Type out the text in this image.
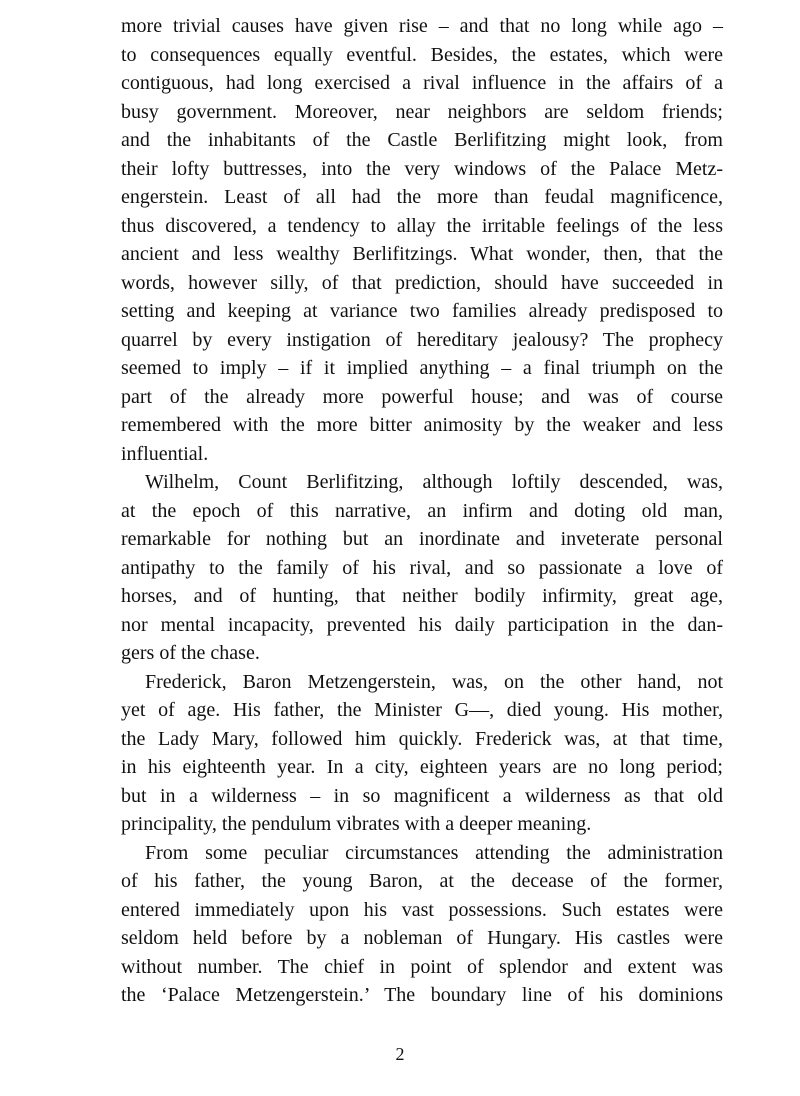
more trivial causes have given rise – and that no long while ago –
to consequences equally eventful. Besides, the estates, which were
contiguous, had long exercised a rival influence in the affairs of a
busy government. Moreover, near neighbors are seldom friends;
and the inhabitants of the Castle Berlifitzing might look, from
their lofty buttresses, into the very windows of the Palace Metz-
engerstein. Least of all had the more than feudal magnificence,
thus discovered, a tendency to allay the irritable feelings of the less
ancient and less wealthy Berlifitzings. What wonder, then, that the
words, however silly, of that prediction, should have succeeded in
setting and keeping at variance two families already predisposed to
quarrel by every instigation of hereditary jealousy? The prophecy
seemed to imply – if it implied anything – a final triumph on the
part of the already more powerful house; and was of course
remembered with the more bitter animosity by the weaker and less
influential.
Wilhelm, Count Berlifitzing, although loftily descended, was,
at the epoch of this narrative, an infirm and doting old man,
remarkable for nothing but an inordinate and inveterate personal
antipathy to the family of his rival, and so passionate a love of
horses, and of hunting, that neither bodily infirmity, great age,
nor mental incapacity, prevented his daily participation in the dan-
gers of the chase.
Frederick, Baron Metzengerstein, was, on the other hand, not
yet of age. His father, the Minister G—, died young. His mother,
the Lady Mary, followed him quickly. Frederick was, at that time,
in his eighteenth year. In a city, eighteen years are no long period;
but in a wilderness – in so magnificent a wilderness as that old
principality, the pendulum vibrates with a deeper meaning.
From some peculiar circumstances attending the administration
of his father, the young Baron, at the decease of the former,
entered immediately upon his vast possessions. Such estates were
seldom held before by a nobleman of Hungary. His castles were
without number. The chief in point of splendor and extent was
the ‘Palace Metzengerstein.’ The boundary line of his dominions
2
